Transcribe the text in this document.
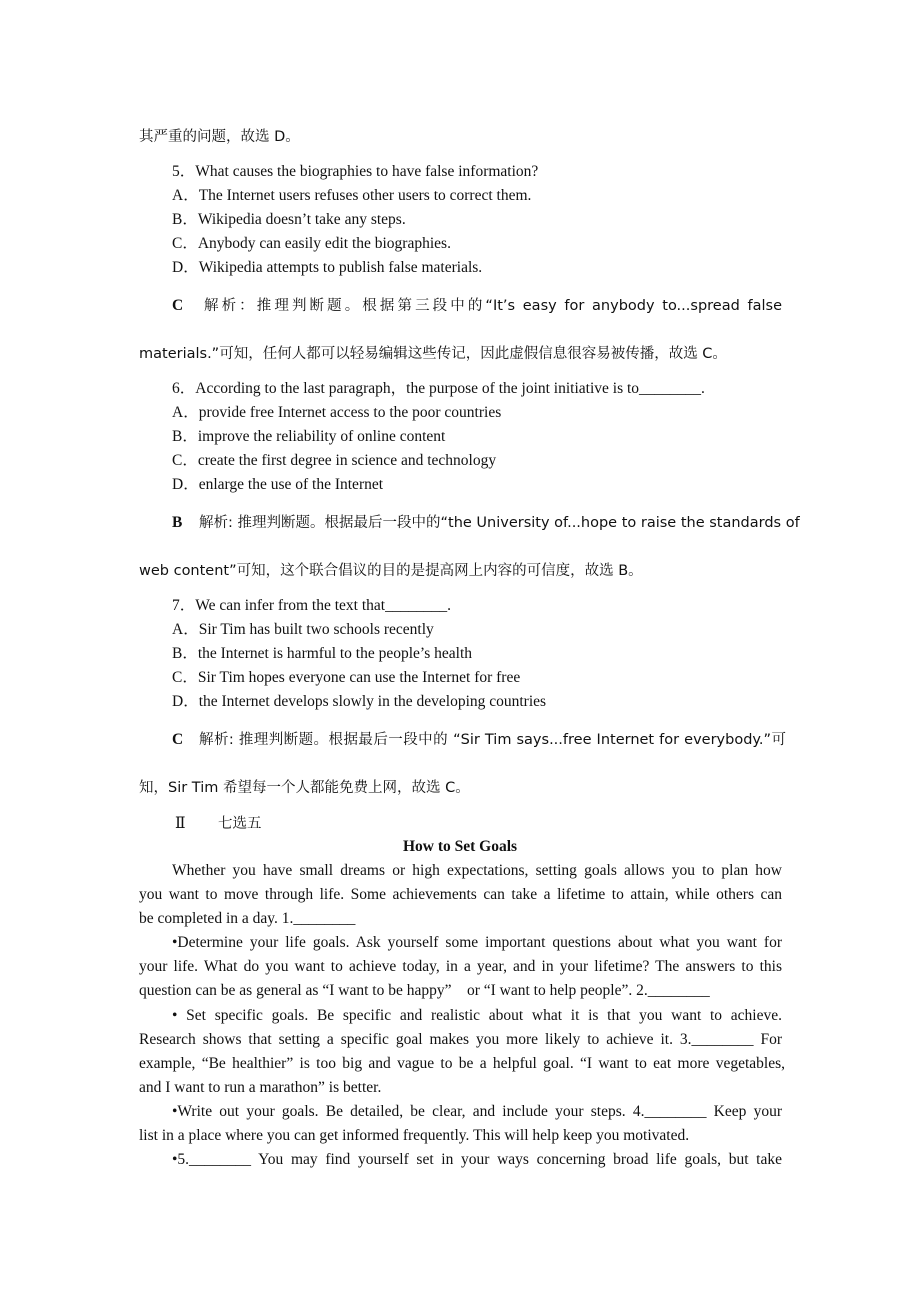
其严重的问题，故选 D。
5．What causes the biographies to have false information?
A．The Internet users refuses other users to correct them.
B．Wikipedia doesn’t take any steps.
C．Anybody can easily edit the biographies.
D．Wikipedia attempts to publish false materials.
C 解析：推理判断题。根据第三段中的“It’s easy for anybody to...spread false
materials.”可知，任何人都可以轻易编辑这些传记，因此虚假信息很容易被传播，故选 C。
6．According to the last paragraph，the purpose of the joint initiative is to________.
A．provide free Internet access to the poor countries
B．improve the reliability of online content
C．create the first degree in science and technology
D．enlarge the use of the Internet
B 解析: 推理判断题。根据最后一段中的“the University of...hope to raise the standards of
web content”可知，这个联合倡议的目的是提高网上内容的可信度，故选 B。
7．We can infer from the text that________.
A．Sir Tim has built two schools recently
B．the Internet is harmful to the people’s health
C．Sir Tim hopes everyone can use the Internet for free
D．the Internet develops slowly in the developing countries
C 解析: 推理判断题。根据最后一段中的 “Sir Tim says...free Internet for everybody.”可
知，Sir Tim 希望每一个人都能免费上网，故选 C。
Ⅱ 七选五
How to Set Goals
Whether you have small dreams or high expectations, setting goals allows you to plan how
you want to move through life. Some achievements can take a lifetime to attain, while others can
be completed in a day. 1.________
•Determine your life goals. Ask yourself some important questions about what you want for
your life. What do you want to achieve today, in a year, and in your lifetime? The answers to this
question can be as general as “I want to be happy”　or “I want to help people”. 2.________
• Set specific goals. Be specific and realistic about what it is that you want to achieve.
Research shows that setting a specific goal makes you more likely to achieve it. 3.________ For
example, “Be healthier” is too big and vague to be a helpful goal. “I want to eat more vegetables,
and I want to run a marathon” is better.
•Write out your goals. Be detailed, be clear, and include your steps. 4.________ Keep your
list in a place where you can get informed frequently. This will help keep you motivated.
•5.________ You may find yourself set in your ways concerning broad life goals, but take
